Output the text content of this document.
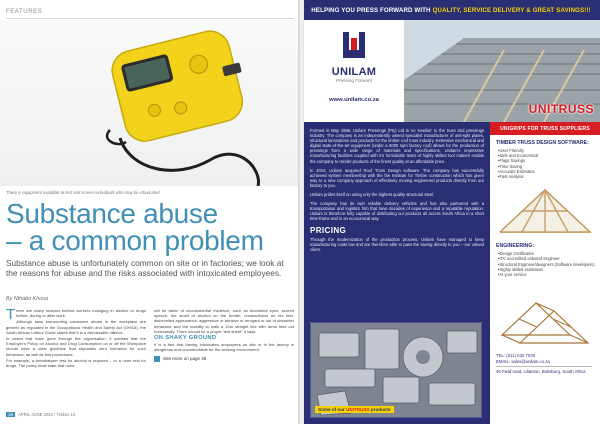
FEATURES
There is equipment available to test and screen individuals who may be intoxicated.
Substance abuse
– a common problem
Substance abuse is unfortunately common on site or in factories; we look at the reasons for abuse and the risks associated with intoxicated employees.
By Nthabo Khosa

There are many reasons behind workers indulging in alcohol or drugs before, during or after work.

Although laws surrounding substance abuse in the workplace are generic as regulated in the Occupational Health and Safety Act (OHSA), the South African Labour Guide states that it is a dismissable offence.

In cases that have gone through the organisation, it advises that the Employer's Policy on Alcohol and Drug Consumption on or off the Workplace should have a clear guideline that stipulates zero tolerance for such behaviour, as well as test procedures.

For example, a breathalyser test for alcohol is required – or a urine test for drugs. The policy must state that none

will be taken of circumstantial evidence, such as bloodshot eyes, slurred speech, the smell of alcohol on the breath, unsteadiness on his feet, dishevelled appearance, aggressive or abusive or arrogant or out of character behaviour and the inability to walk a 10m straight line with arms held out horizontally. There should be a proper 'test sheet" it says.

ON SHAKY GROUND

It is a fact that having intoxicated employees on site or in the factory is dangerous and uncomfortable for the working environment.

See more on page 48
18	APRIL-JUNE 2023 / Timber 13
HELPING YOU PRESS FORWARD WITH QUALITY, SERVICE DELIVERY & GREAT SAVINGS!!!
UNILAM
Pressing Forward
www.unilam.co.za
UNITRUSS

Formed in May 1986, Unilam Pressings (Pty) Ltd is no 'newbie' to the truss and pressings industry. The company is an independently owned specialist manufacturer of anti-split plates, structural laminations and products for the timber roof truss industry. Extensive mechanical and digital state-of-the-art equipment (under a 5000 sqm factory roof) allows for the production of pressings from a wide range of materials and specifications. Unilam's impressive manufacturing facilities coupled with it's formidable team of highly skilled tool makers enable the company to render products of the finest quality at an affordable price.

In 2010, Unilam acquired Roof Truss Design software. The company has successfully achieved system membership with the the Institute for Timber construction which has given way to a new company approach of effectively moving engineered products directly from our factory to you.

Unilam prides itself on using only the highest quality structural steel.

The company has its own reliable delivery vehicles and has also partnered with a transportation and logistics firm that have decades of experience and a reputable reputation. Unilam is therefore fully capable of distributing our products all across South Africa in a short time-frame and in an economical way.

PRICING

Through the modernization of the production process, Unilam have managed to keep manufacturing costs low and are therefore able to pass the saving directly to you – our valued client.

Some of our UNITRUSS products
UNIGRIPS FOR TRUSS SUPPLIERS
TIMBER TRUSS DESIGN SOFTWARE:
• User Friendly
• Safe and Economical
• Flags Savings
• Time Saving
• Accurate Estimates
• Fast Analysis
ENGINEERING:
• Design Certificates
• ITC accredited onboard Engineer
• Structural Engineer/designers (Software developers)
• Highly skilled estimators
• At your service
TEL: (011) 032 7030
EMAIL: sales@unilam.co.za
46 Field road, Lilianton, Boksburg, South Africa
